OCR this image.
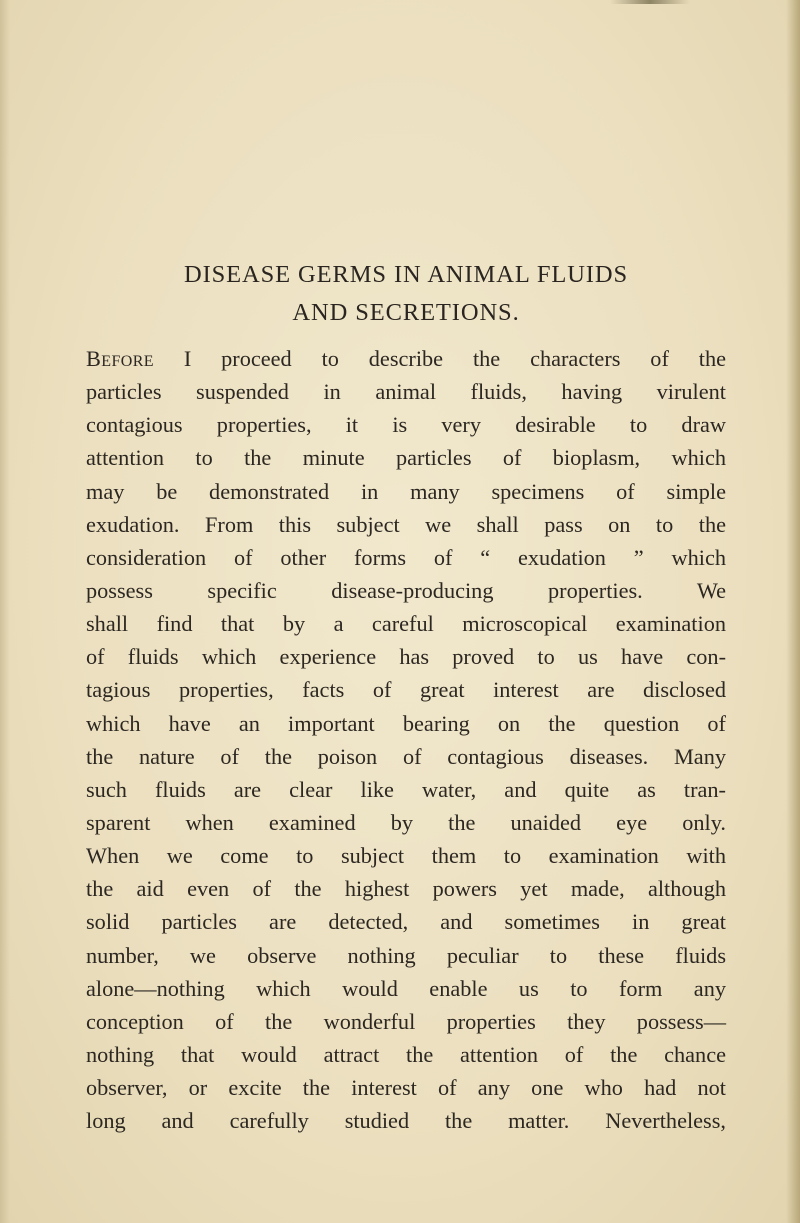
DISEASE GERMS IN ANIMAL FLUIDS
AND SECRETIONS.
Before I proceed to describe the characters of the
particles suspended in animal fluids, having virulent
contagious properties, it is very desirable to draw
attention to the minute particles of bioplasm, which
may be demonstrated in many specimens of simple
exudation. From this subject we shall pass on to the
consideration of other forms of “ exudation ” which
possess specific disease-producing properties. We
shall find that by a careful microscopical examination
of fluids which experience has proved to us have con-
tagious properties, facts of great interest are disclosed
which have an important bearing on the question of
the nature of the poison of contagious diseases. Many
such fluids are clear like water, and quite as tran-
sparent when examined by the unaided eye only.
When we come to subject them to examination with
the aid even of the highest powers yet made, although
solid particles are detected, and sometimes in great
number, we observe nothing peculiar to these fluids
alone—nothing which would enable us to form any
conception of the wonderful properties they possess—
nothing that would attract the attention of the chance
observer, or excite the interest of any one who had not
long and carefully studied the matter. Nevertheless,
